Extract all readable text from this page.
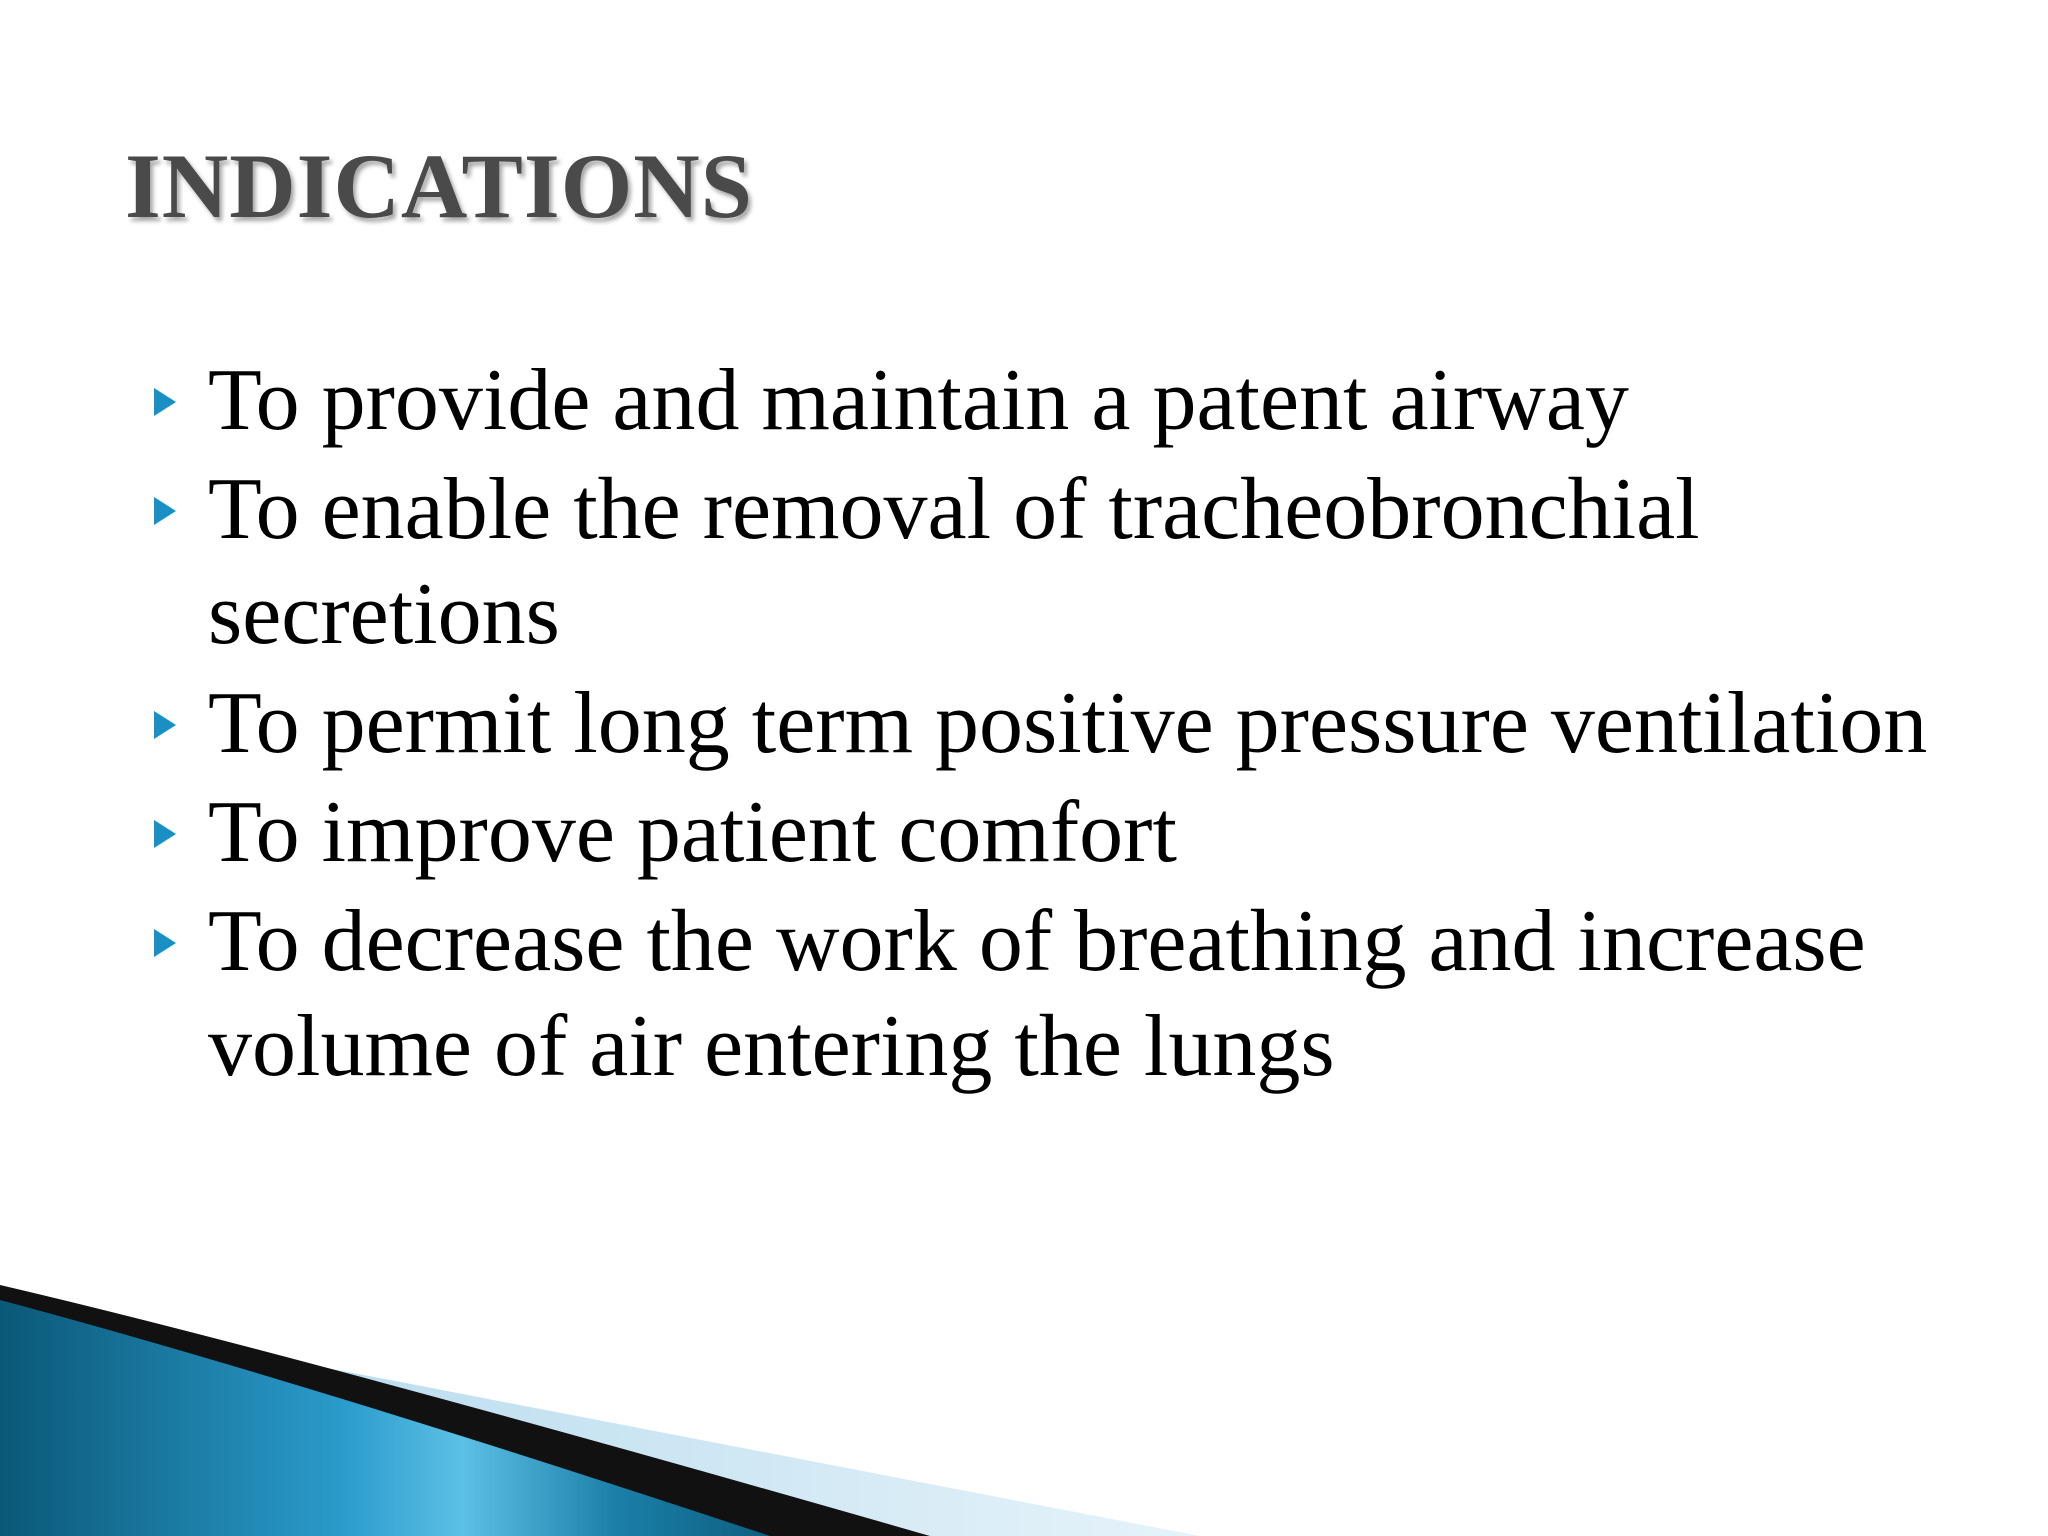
INDICATIONS
To provide and maintain a patent airway
To enable the removal of tracheobronchial secretions
To permit long term positive pressure ventilation
To improve patient comfort
To decrease the work of breathing and increase volume of air entering the lungs
